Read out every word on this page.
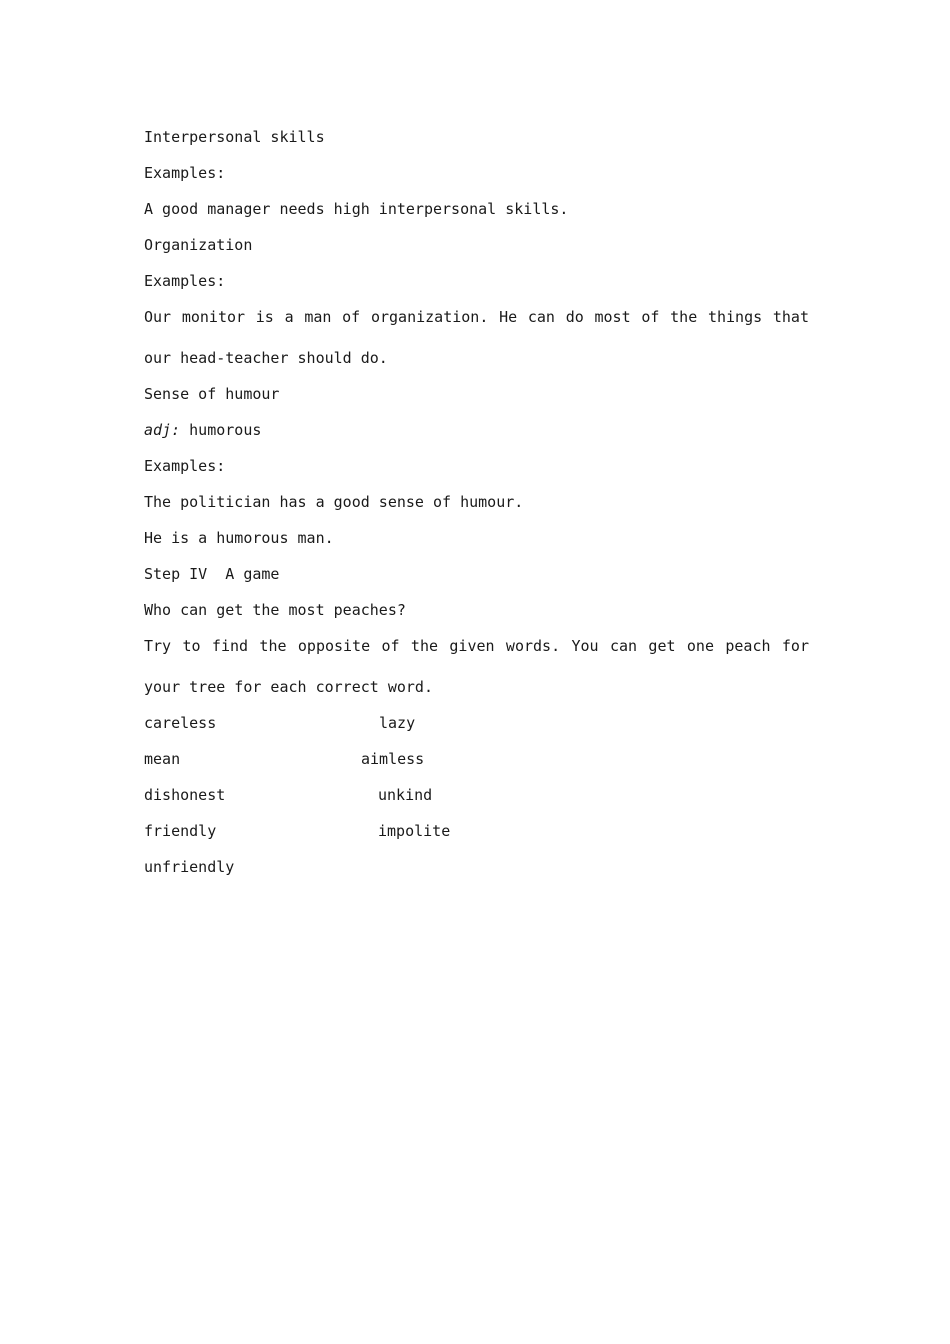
Interpersonal skills
Examples:
A good manager needs high interpersonal skills.
Organization
Examples:
Our monitor is a man of organization. He can do most of the things that our head-teacher should do.
Sense of humour
adj: humorous
Examples:
The politician has a good sense of humour.
He is a humorous man.
Step IV  A game
Who can get the most peaches?
Try to find the opposite of the given words. You can get one peach for your tree for each correct word.
careless	lazy
mean	aimless
dishonest	unkind
friendly	impolite
unfriendly
